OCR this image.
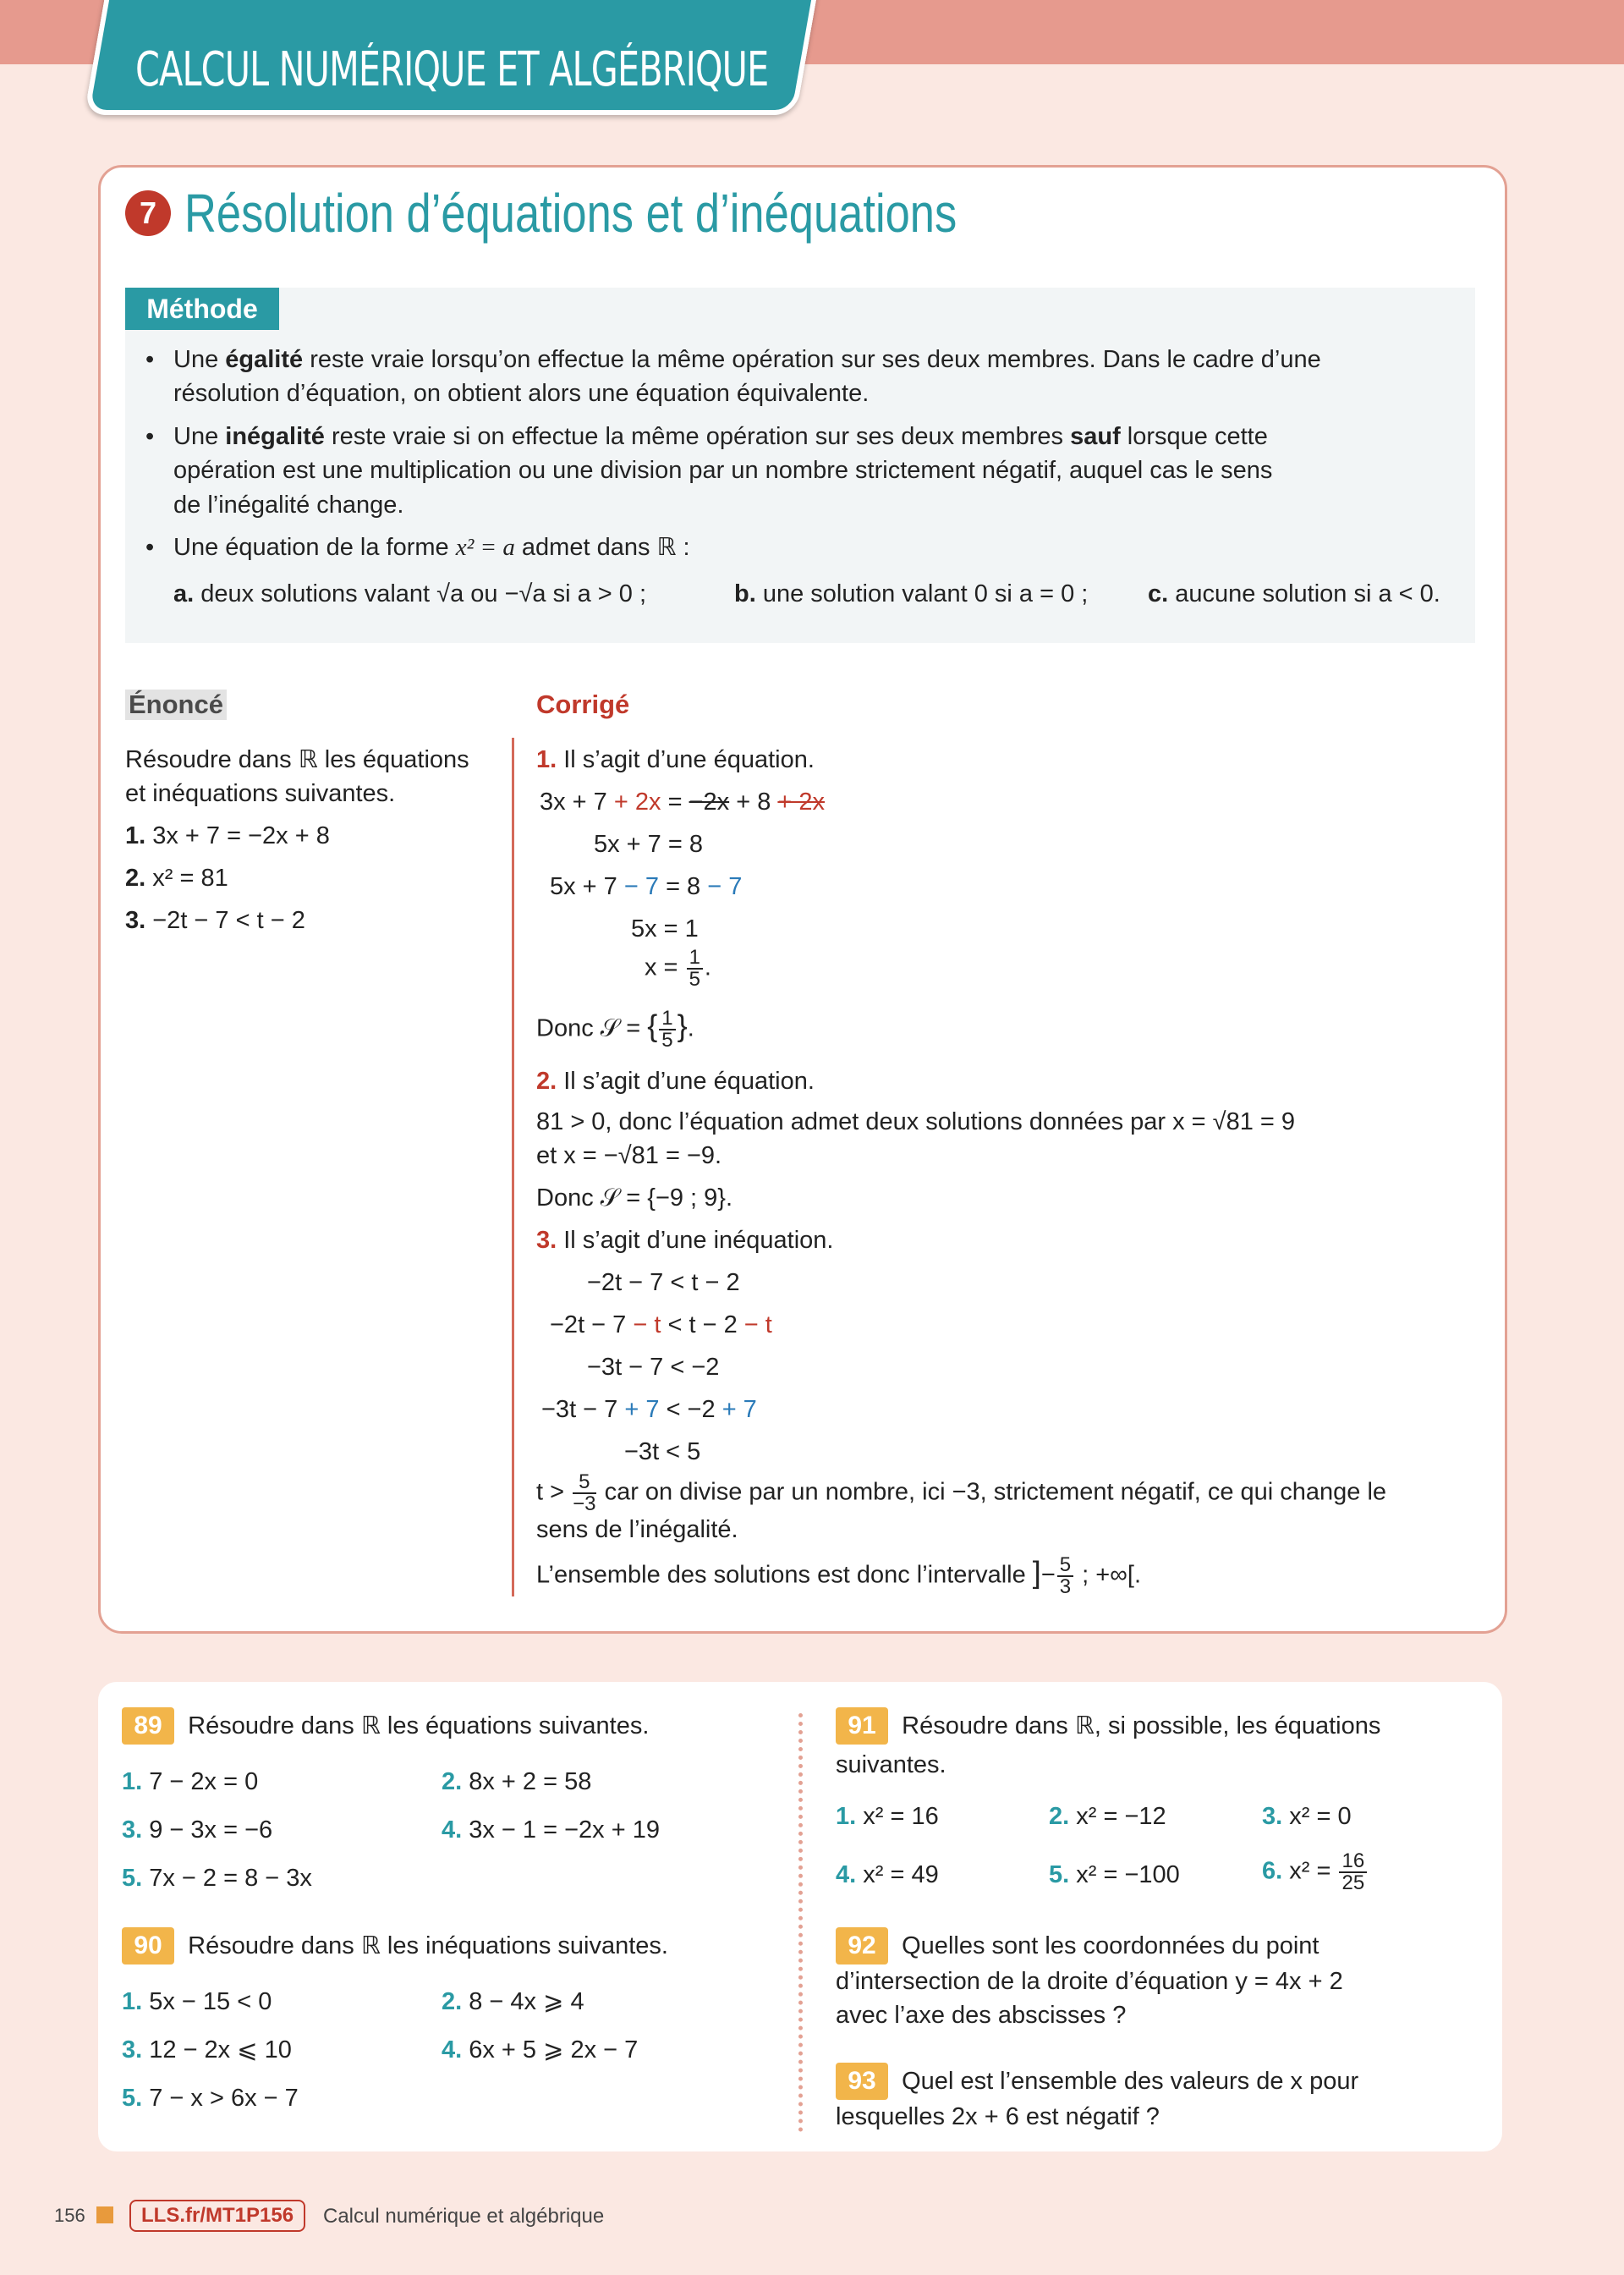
CALCUL NUMÉRIQUE ET ALGÉBRIQUE
7 Résolution d’équations et d’inéquations
Méthode
• Une égalité reste vraie lorsqu’on effectue la même opération sur ses deux membres. Dans le cadre d’une
résolution d’équation, on obtient alors une équation équivalente.
• Une inégalité reste vraie si on effectue la même opération sur ses deux membres sauf lorsque cette
opération est une multiplication ou une division par un nombre strictement négatif, auquel cas le sens
de l’inégalité change.
• Une équation de la forme x² = a admet dans ℝ :
a. deux solutions valant √a ou −√a si a > 0 ;	b. une solution valant 0 si a = 0 ; c. aucune solution si a < 0.
Énoncé	Corrigé
Résoudre dans ℝ les équations
et inéquations suivantes.
1. 3x + 7 = −2x + 8
2. x² = 81
3. −2t − 7 < t − 2
1. Il s’agit d’une équation.
3x + 7 + 2x = −2x + 8 + 2x
5x + 7 = 8
5x + 7 − 7 = 8 − 7
5x = 1
$x = \frac{1}{5}$ .
Donc 𝒮 = { $\frac{1}{5}$ }.
2. Il s’agit d’une équation.
81 > 0, donc l’équation admet deux solutions données par x = √81 = 9
et x = −√81 = −9.
Donc 𝒮 = {−9 ; 9}.
3. Il s’agit d’une inéquation.
−2t − 7 < t − 2
−2t − 7 − t < t − 2 − t
−3t − 7 < −2
−3t − 7 + 7 < −2 + 7
−3t < 5
$t > \frac{5}{-3}$ car on divise par un nombre, ici −3, strictement négatif, ce qui change le
sens de l’inégalité.
L’ensemble des solutions est donc l’intervalle ]− $\frac{5}{3}$ ; +∞[.
89 Résoudre dans ℝ les équations suivantes.
1. 7 − 2x = 0	2. 8x + 2 = 58
3. 9 − 3x = −6	4. 3x − 1 = −2x + 19
5. 7x − 2 = 8 − 3x
90 Résoudre dans ℝ les inéquations suivantes.
1. 5x − 15 < 0	2. 8 − 4x ⩾ 4
3. 12 − 2x ⩽ 10	4. 6x + 5 ⩾ 2x − 7
5. 7 − x > 6x − 7
91 Résoudre dans ℝ, si possible, les équations
suivantes.
1. x² = 16	2. x² = −12	3. x² = 0
4. x² = 49	5. x² = −100	6. $x^2 = \frac{16}{25}$
92 Quelles sont les coordonnées du point
d’intersection de la droite d’équation y = 4x + 2
avec l’axe des abscisses ?
93 Quel est l’ensemble des valeurs de x pour
lesquelles 2x + 6 est négatif ?
156	LLS.fr/MT1P156	Calcul numérique et algébrique
